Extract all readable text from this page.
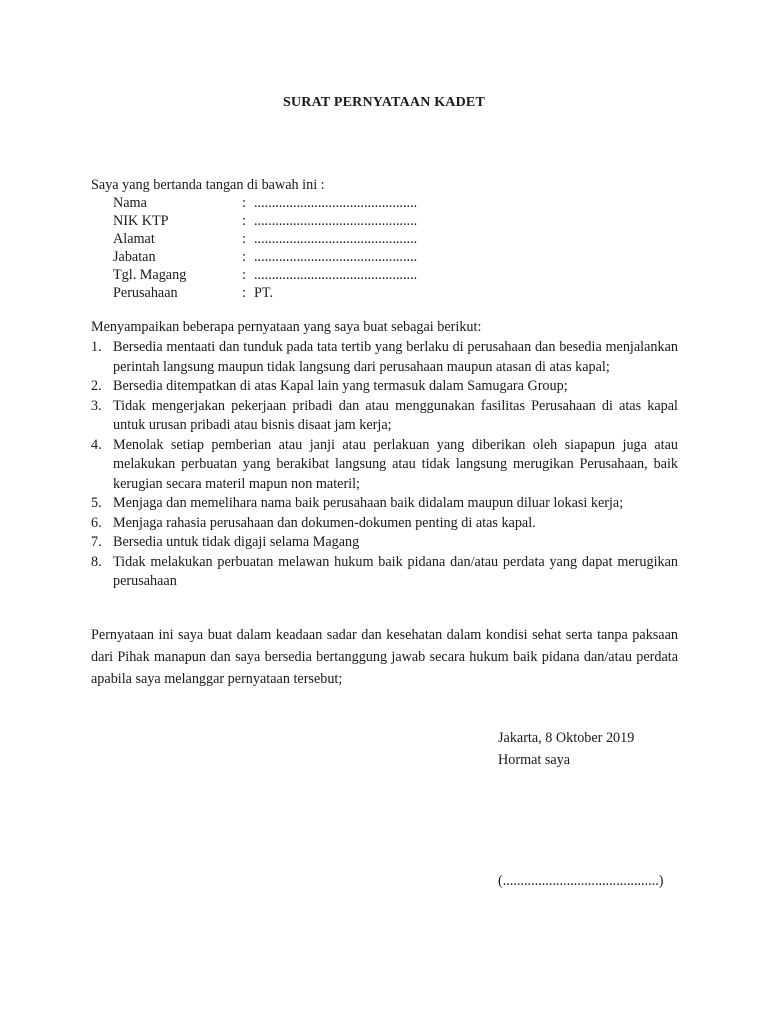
SURAT PERNYATAAN KADET
Saya yang bertanda tangan di bawah ini :
Nama	: ..............................................
NIK KTP	: ..............................................
Alamat	: ..............................................
Jabatan	: ..............................................
Tgl. Magang	: ..............................................
Perusahaan	: PT.
Menyampaikan beberapa pernyataan yang saya buat sebagai berikut:
1. Bersedia mentaati dan tunduk pada tata tertib yang berlaku di perusahaan dan besedia menjalankan perintah langsung maupun tidak langsung dari perusahaan maupun atasan di atas kapal;
2. Bersedia ditempatkan di atas Kapal lain yang termasuk dalam Samugara Group;
3. Tidak mengerjakan pekerjaan pribadi dan atau menggunakan fasilitas Perusahaan di atas kapal untuk urusan pribadi atau bisnis disaat jam kerja;
4. Menolak setiap pemberian atau janji atau perlakuan yang diberikan oleh siapapun juga atau melakukan perbuatan yang berakibat langsung atau tidak langsung merugikan Perusahaan, baik kerugian secara materil mapun non materil;
5. Menjaga dan memelihara nama baik perusahaan baik didalam maupun diluar lokasi kerja;
6. Menjaga rahasia perusahaan dan dokumen-dokumen penting di atas kapal.
7. Bersedia untuk tidak digaji selama Magang
8. Tidak melakukan perbuatan melawan hukum baik pidana dan/atau perdata yang dapat merugikan perusahaan
Pernyataan ini saya buat dalam keadaan sadar dan kesehatan dalam kondisi sehat serta tanpa paksaan dari Pihak manapun dan saya bersedia bertanggung jawab secara hukum baik pidana dan/atau perdata apabila saya melanggar pernyataan tersebut;
Jakarta, 8 Oktober 2019
Hormat saya
(............................................)
